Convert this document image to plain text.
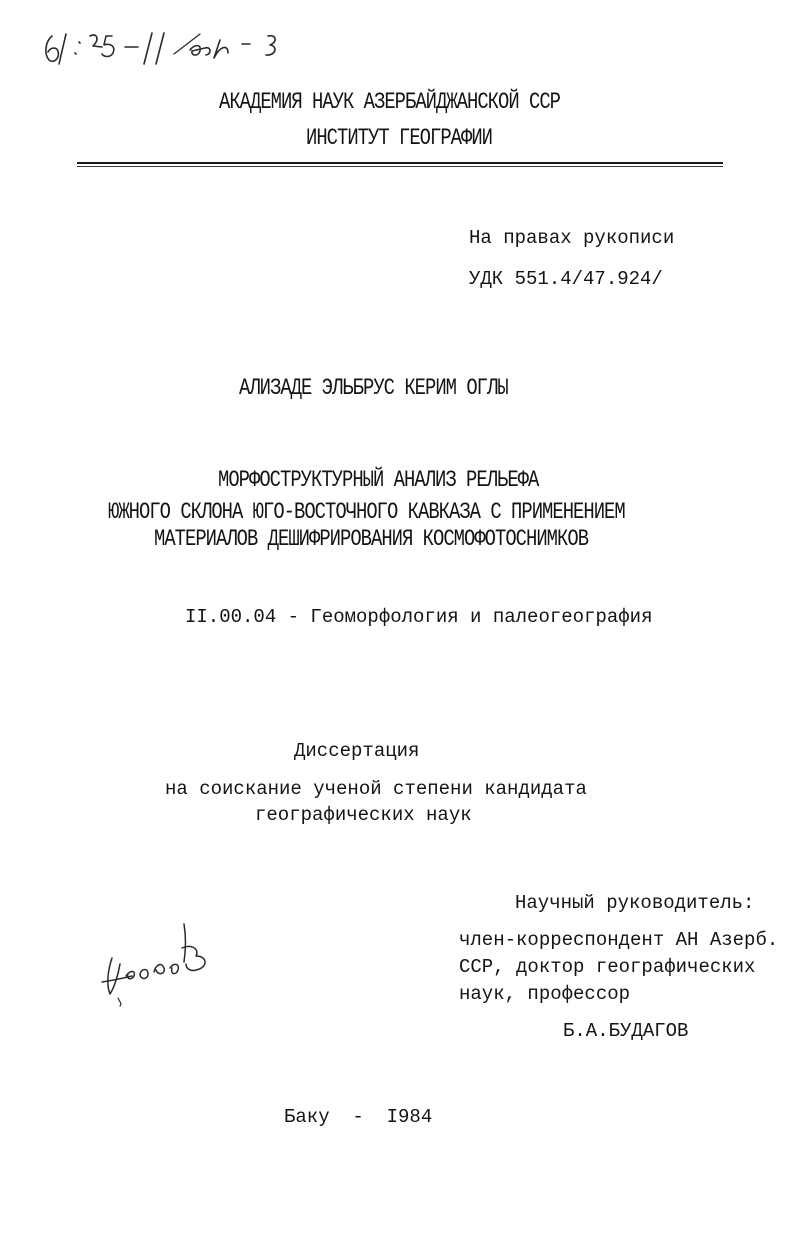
61:85-11/38-3
АКАДЕМИЯ НАУК АЗЕРБАЙДЖАНСКОЙ ССР
ИНСТИТУТ ГЕОГРАФИИ
На правах рукописи
УДК 551.4/47.924/
АЛИЗАДЕ ЭЛЬБРУС КЕРИМ ОГЛЫ
МОРФОСТРУКТУРНЫЙ АНАЛИЗ РЕЛЬЕФА
ЮЖНОГО СКЛОНА ЮГО-ВОСТОЧНОГО КАВКАЗА С ПРИМЕНЕНИЕМ
МАТЕРИАЛОВ ДЕШИФРИРОВАНИЯ КОСМОФОТОСНИМКОВ
II.00.04 - Геоморфология и палеогеография
Диссертация
на соискание ученой степени кандидата
географических наук
Научный руководитель:
член-корреспондент АН Азерб.
ССР, доктор географических
наук, профессор
Б.А.БУДАГОВ
Алиев
Баку  -  I984
